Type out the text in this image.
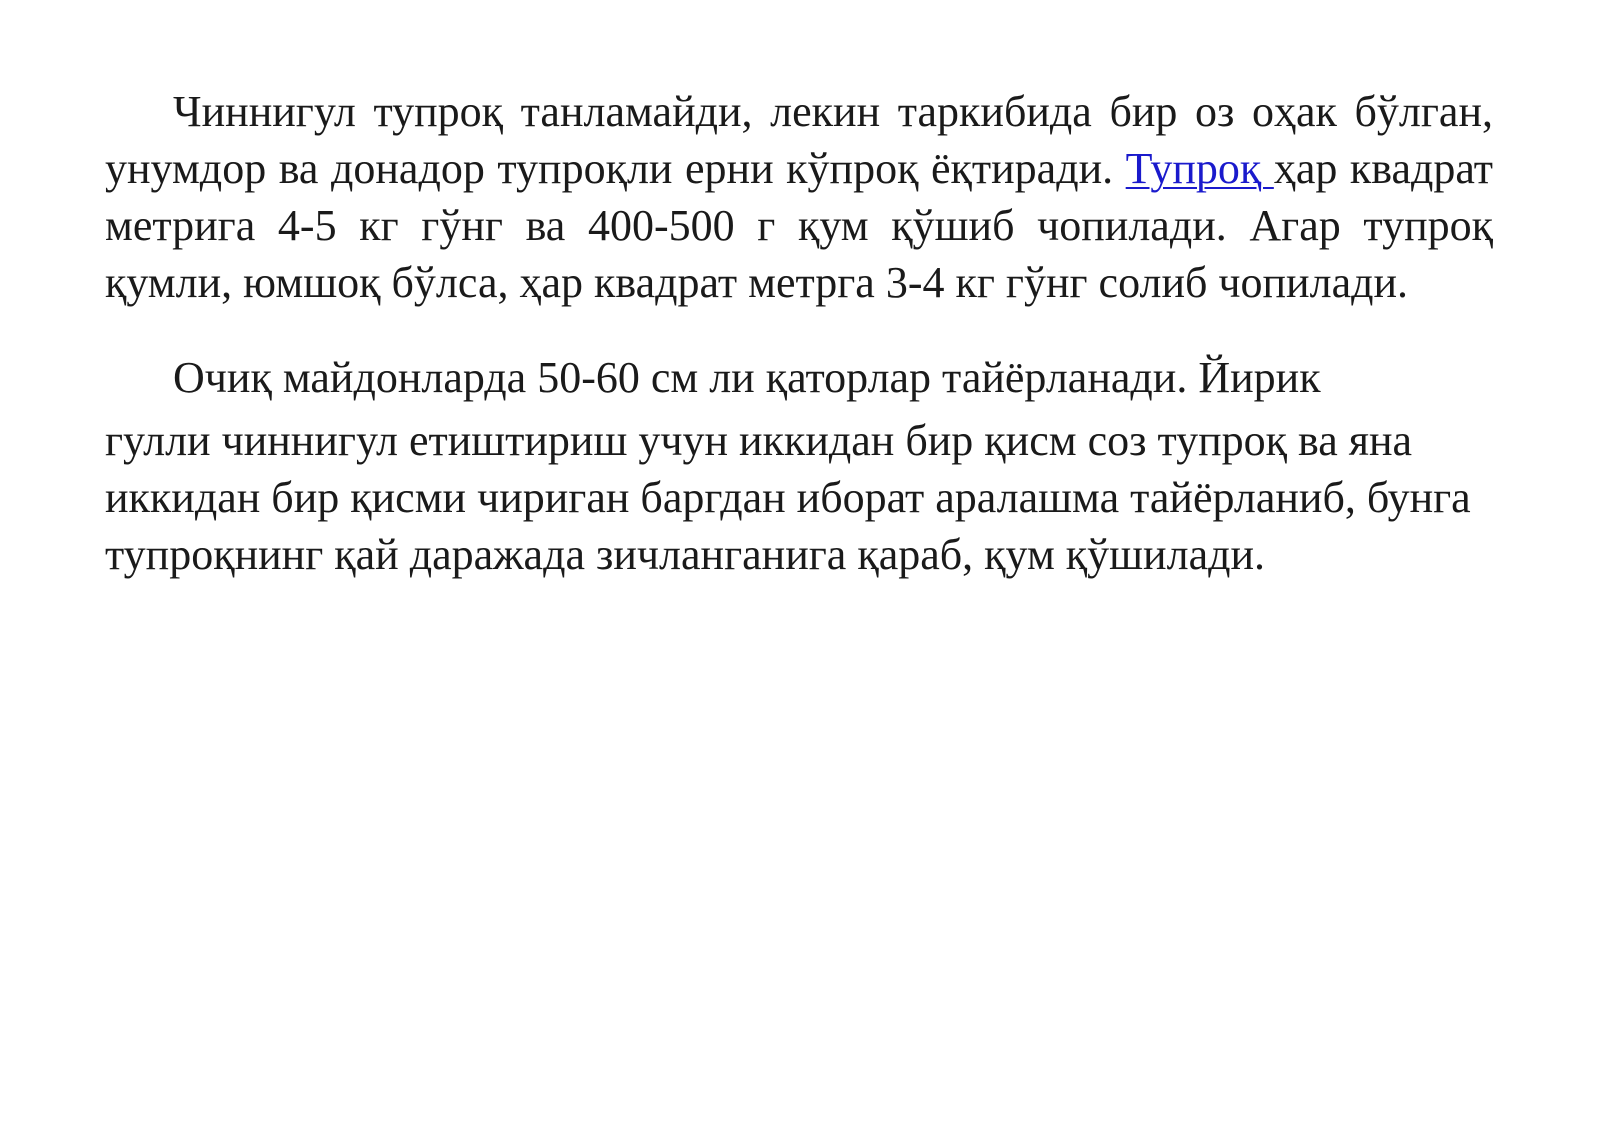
Чиннигул тупроқ танламайди, лекин таркибида бир оз оҳак бўлган, унумдор ва донадор тупроқли ерни кўпроқ ёқтиради. Тупроқ ҳар квадрат метрига 4-5 кг гўнг ва 400-500 г қум қўшиб чопилади. Агар тупроқ қумли, юмшоқ бўлса, ҳар квадрат метрга 3-4 кг гўнг солиб чопилади.

Очиқ майдонларда 50-60 см ли қаторлар тайёрланади. Йирик
гулли чиннигул етиштириш учун иккидан бир қисм соз тупроқ ва яна иккидан бир қисми чириган баргдан иборат аралашма тайёрланиб, бунга тупроқнинг қай даражада зичланганига қараб, қум қўшилади.
